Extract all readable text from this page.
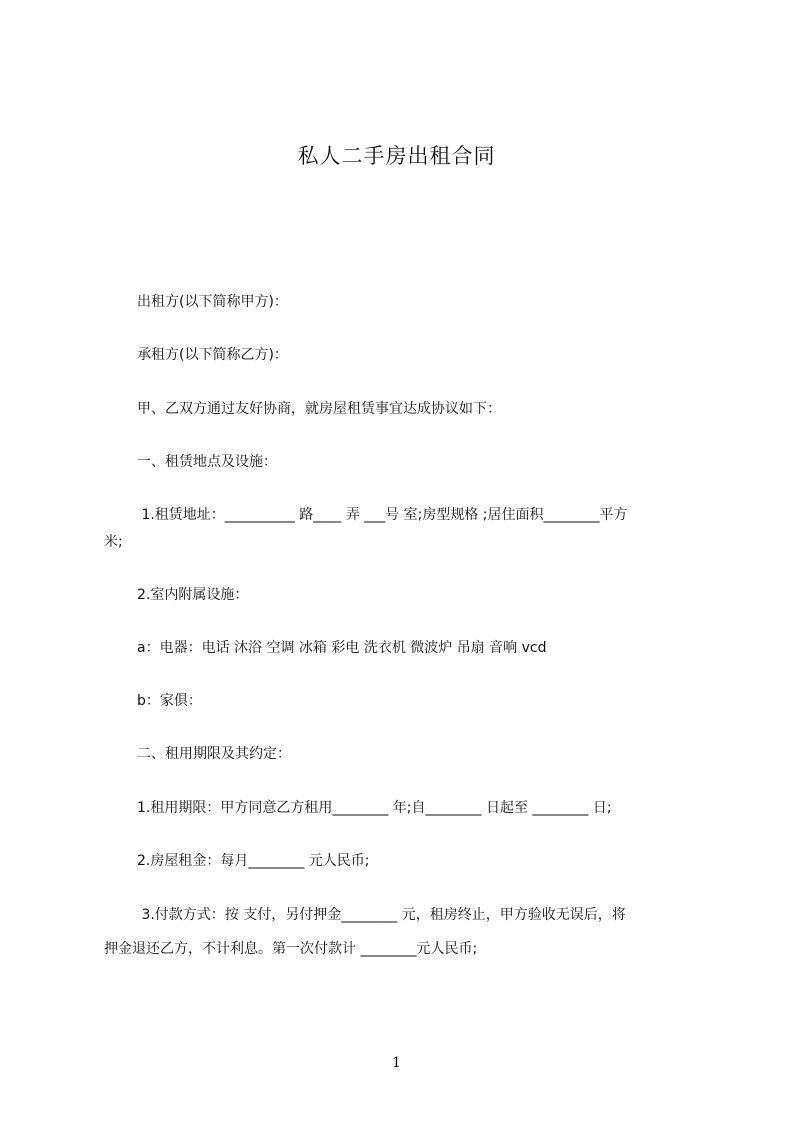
私人二手房出租合同
出租方(以下简称甲方)：
承租方(以下简称乙方)：
甲、乙双方通过友好协商，就房屋租赁事宜达成协议如下：
一、租赁地点及设施：
1.租赁地址：__________ 路____ 弄 ___号 室;房型规格 ;居住面积________平方
米;
2.室内附属设施：
a：电器：电话 沐浴 空调 冰箱 彩电 洗衣机 微波炉 吊扇 音响 vcd
b：家俱：
二、租用期限及其约定：
1.租用期限：甲方同意乙方租用________ 年;自________ 日起至 ________ 日;
2.房屋租金：每月________ 元人民币;
3.付款方式：按 支付，另付押金________ 元，租房终止，甲方验收无误后，将
押金退还乙方，不计利息。第一次付款计 ________元人民币;
1
